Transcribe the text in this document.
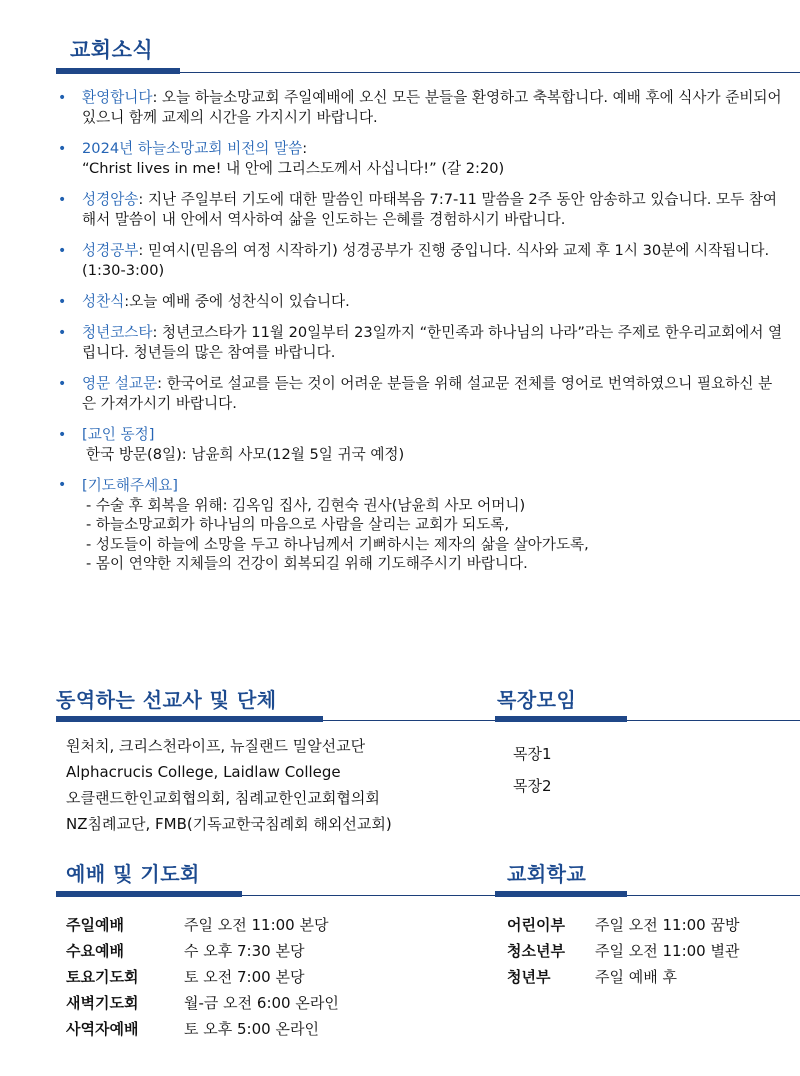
교회소식
• 환영합니다: 오늘 하늘소망교회 주일예배에 오신 모든 분들을 환영하고 축복합니다. 예배 후에 식사가 준비되어 있으니 함께 교제의 시간을 가지시기 바랍니다.
• 2024년 하늘소망교회 비전의 말씀:
“Christ lives in me! 내 안에 그리스도께서 사십니다!” (갈 2:20)
• 성경암송: 지난 주일부터 기도에 대한 말씀인 마태복음 7:7-11 말씀을 2주 동안 암송하고 있습니다. 모두 참여해서 말씀이 내 안에서 역사하여 삶을 인도하는 은혜를 경험하시기 바랍니다.
• 성경공부: 믿여시(믿음의 여정 시작하기) 성경공부가 진행 중입니다. 식사와 교제 후 1시 30분에 시작됩니다.(1:30-3:00)
• 성찬식:오늘 예배 중에 성찬식이 있습니다.
• 청년코스타: 청년코스타가 11월 20일부터 23일까지 “한민족과 하나님의 나라”라는 주제로 한우리교회에서 열립니다. 청년들의 많은 참여를 바랍니다.
• 영문 설교문: 한국어로 설교를 듣는 것이 어려운 분들을 위해 설교문 전체를 영어로 번역하였으니 필요하신 분은 가져가시기 바랍니다.
• [교인 동정]
한국 방문(8일): 남윤희 사모(12월 5일 귀국 예정)
• [기도해주세요]
- 수술 후 회복을 위해: 김옥임 집사, 김현숙 권사(남윤희 사모 어머니)
- 하늘소망교회가 하나님의 마음으로 사람을 살리는 교회가 되도록,
- 성도들이 하늘에 소망을 두고 하나님께서 기뻐하시는 제자의 삶을 살아가도록,
- 몸이 연약한 지체들의 건강이 회복되길 위해 기도해주시기 바랍니다.
동역하는 선교사 및 단체
원처치, 크리스천라이프, 뉴질랜드 밀알선교단
Alphacrucis College, Laidlaw College
오클랜드한인교회협의회, 침례교한인교회협의회
NZ침례교단, FMB(기독교한국침례회 해외선교회)
목장모임
목장1
목장2
예배 및 기도회
주일예배	주일 오전 11:00 본당
수요예배	수 오후 7:30 본당
토요기도회	토 오전 7:00 본당
새벽기도회	월-금 오전 6:00 온라인
사역자예배	토 오후 5:00 온라인
교회학교
어린이부 주일 오전 11:00 꿈방
청소년부 주일 오전 11:00 별관
청년부	주일 예배 후
